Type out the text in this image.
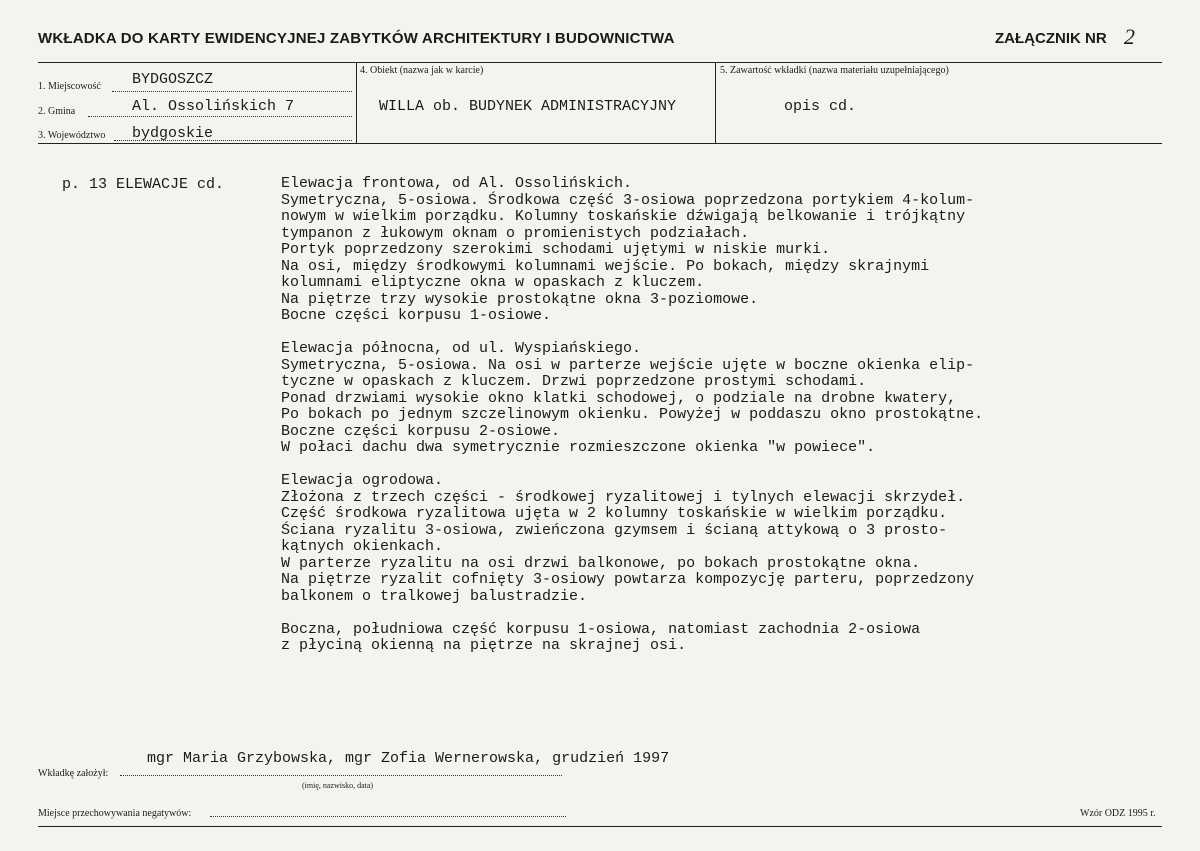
WKŁADKA DO KARTY EWIDENCYJNEJ ZABYTKÓW ARCHITEKTURY I BUDOWNICTWA	ZAŁĄCZNIK NR 2
1. Miejscowość BYDGOSZCZ
2. Gmina	Al. Ossolińskich 7
3. Województwo bydgoskie
4. Obiekt (nazwa jak w karcie)
WILLA ob. BUDYNEK ADMINISTRACYJNY
5. Zawartość wkładki (nazwa materiału uzupełniającego)
opis cd.
p. 13 ELEWACJE cd.	Elewacja frontowa, od Al. Ossolińskich.
Symetryczna, 5-osiowa. Środkowa część 3-osiowa poprzedzona portykiem 4-kolum-
nowym w wielkim porządku. Kolumny toskańskie dźwigają belkowanie i trójkątny
tympanon z łukowym oknam o promienistych podziałach.
Portyk poprzedzony szerokimi schodami ujętymi w niskie murki.
Na osi, między środkowymi kolumnami wejście. Po bokach, między skrajnymi
kolumnami eliptyczne okna w opaskach z kluczem.
Na piętrze trzy wysokie prostokątne okna 3-poziomowe.
Bocne części korpusu 1-osiowe.
Elewacja północna, od ul. Wyspiańskiego.
Symetryczna, 5-osiowa. Na osi w parterze wejście ujęte w boczne okienka elip-
tyczne w opaskach z kluczem. Drzwi poprzedzone prostymi schodami.
Ponad drzwiami wysokie okno klatki schodowej, o podziale na drobne kwatery,
Po bokach po jednym szczelinowym okienku. Powyżej w poddaszu okno prostokątne.
Boczne części korpusu 2-osiowe.
W połaci dachu dwa symetrycznie rozmieszczone okienka "w powiece".
Elewacja ogrodowa.
Złożona z trzech części - środkowej ryzalitowej i tylnych elewacji skrzydeł.
Część środkowa ryzalitowa ujęta w 2 kolumny toskańskie w wielkim porządku.
Ściana ryzalitu 3-osiowa, zwieńczona gzymsem i ścianą attykową o 3 prosto-
kątnych okienkach.
W parterze ryzalitu na osi drzwi balkonowe, po bokach prostokątne okna.
Na piętrze ryzalit cofnięty 3-osiowy powtarza kompozycję parteru, poprzedzony
balkonem o tralkowej balustradzie.
Boczna, południowa część korpusu 1-osiowa, natomiast zachodnia 2-osiowa
z płyciną okienną na piętrze na skrajnej osi.
mgr Maria Grzybowska, mgr Zofia Wernerowska, grudzień 1997
Wkładkę założył:
(imię, nazwisko, data)
Miejsce przechowywania negatywów:	Wzór ODZ 1995 r.
